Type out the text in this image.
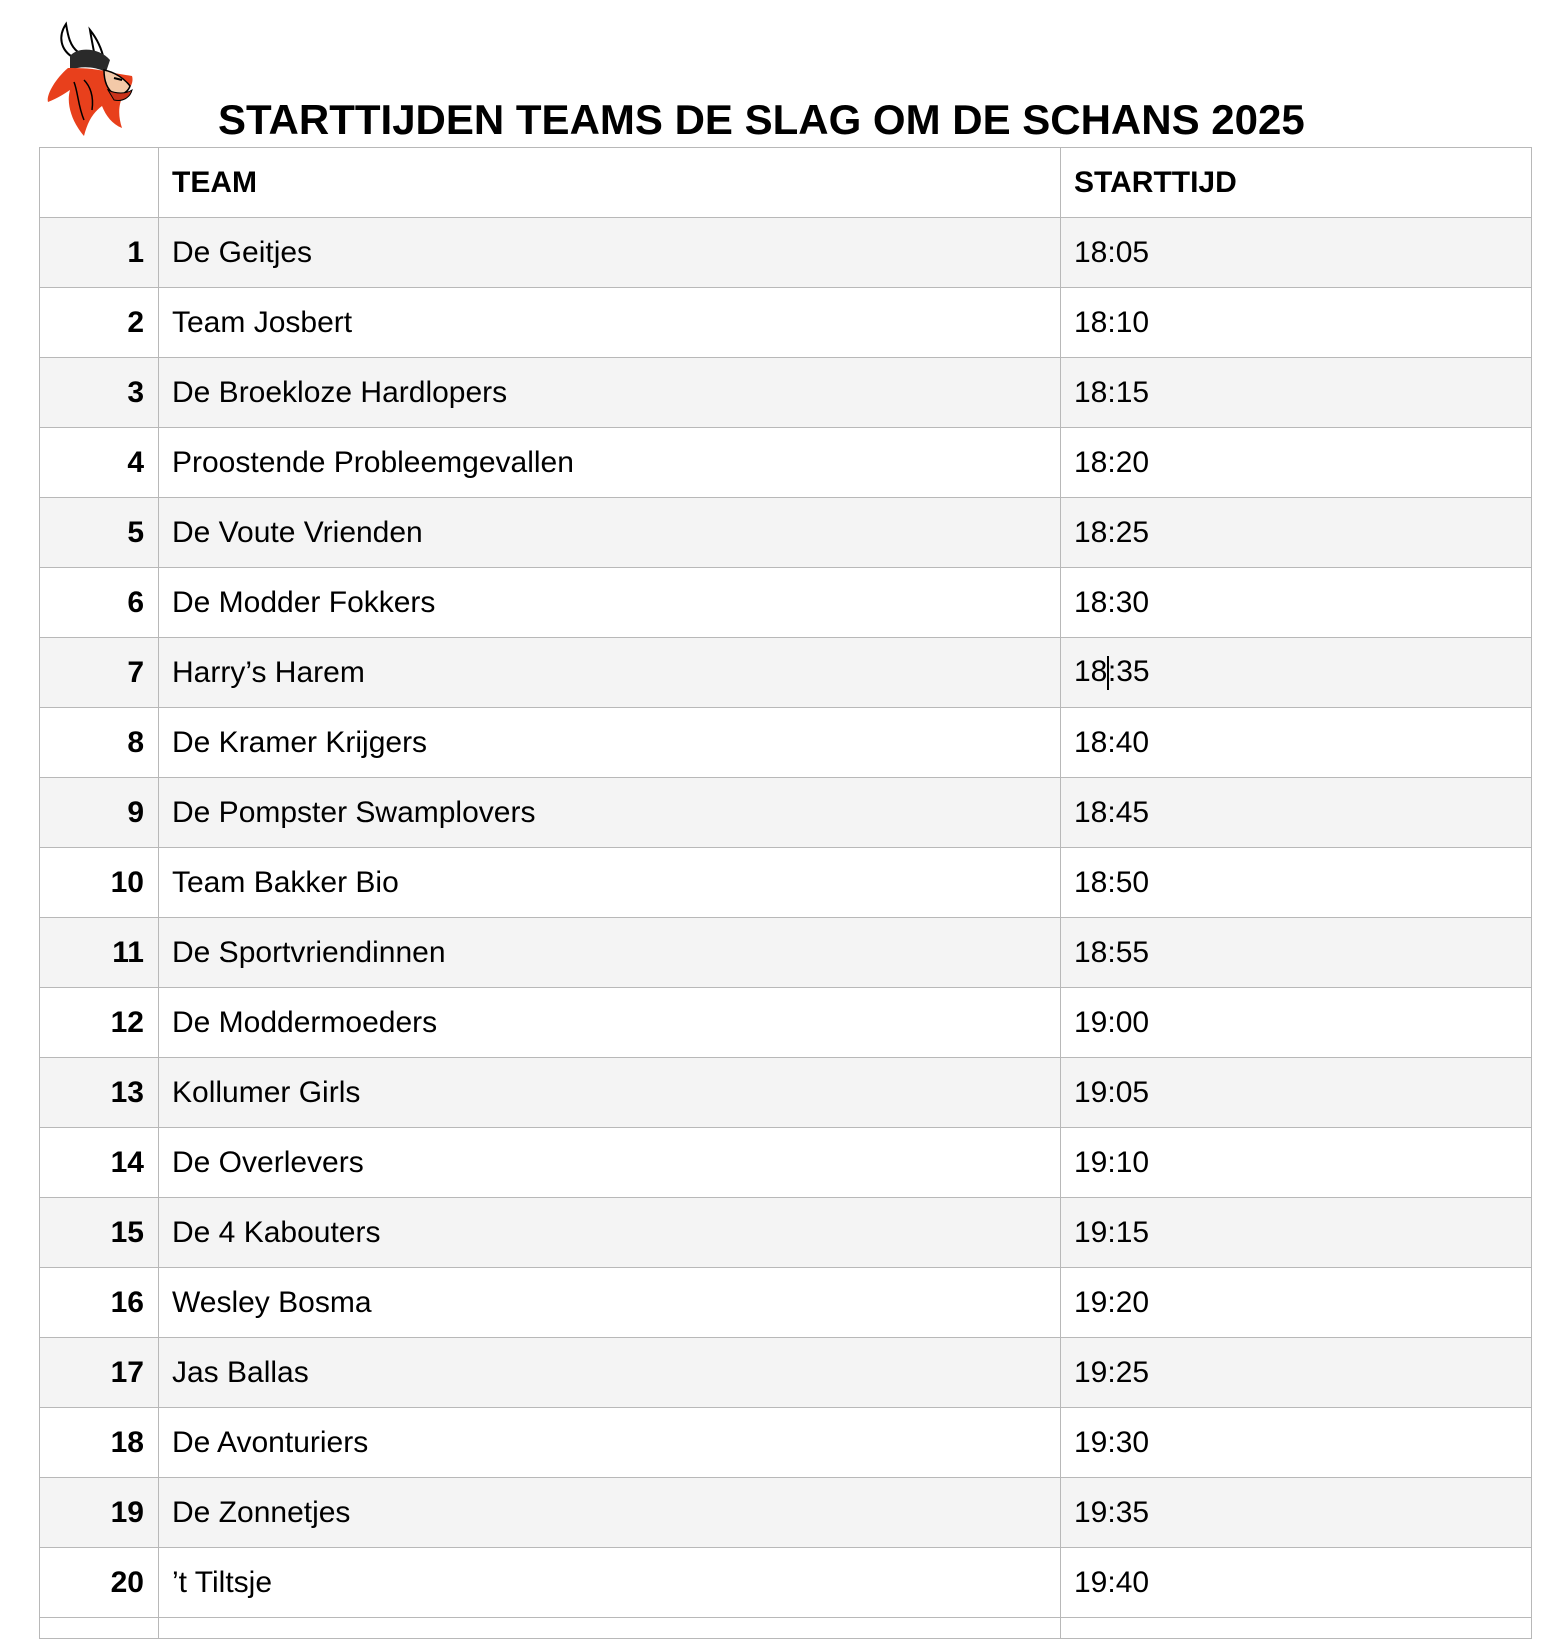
STARTTIJDEN TEAMS DE SLAG OM DE SCHANS 2025
	TEAM	STARTTIJD
1	De Geitjes	18:05
2	Team Josbert	18:10
3	De Broekloze Hardlopers	18:15
4	Proostende Probleemgevallen	18:20
5	De Voute Vrienden	18:25
6	De Modder Fokkers	18:30
7	Harry’s Harem	18:35
8	De Kramer Krijgers	18:40
9	De Pompster Swamplovers	18:45
10	Team Bakker Bio	18:50
11	De Sportvriendinnen	18:55
12	De Moddermoeders	19:00
13	Kollumer Girls	19:05
14	De Overlevers	19:10
15	De 4 Kabouters	19:15
16	Wesley Bosma	19:20
17	Jas Ballas	19:25
18	De Avonturiers	19:30
19	De Zonnetjes	19:35
20	’t Tiltsje	19:40
